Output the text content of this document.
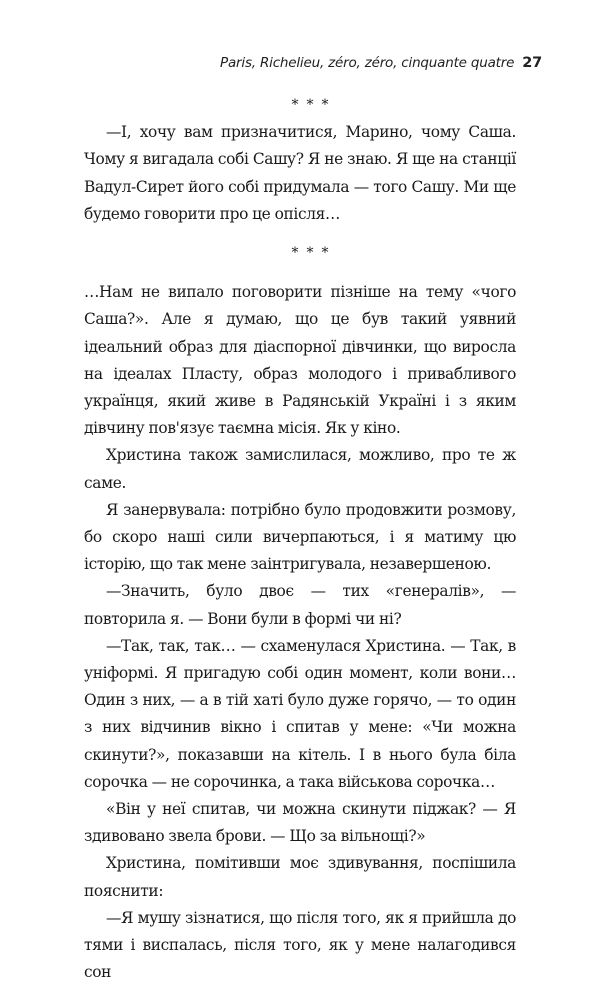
Paris, Richelieu, zéro, zéro, cinquante quatre 27

* * *

—І, хочу вам призначитися, Марино, чому Саша. Чому я вигадала собі Сашу? Я не знаю. Я ще на станції Вадул-Сирет його собі придумала — того Сашу. Ми ще будемо говорити про це опісля…

* * *

…Нам не випало поговорити пізніше на тему «чого Саша?». Але я думаю, що це був такий уявний ідеальний образ для діаспорної дівчинки, що виросла на ідеалах Пласту, образ молодого і привабливого українця, який живе в Радянській Україні і з яким дівчину пов'язує таємна місія. Як у кіно.

Христина також замислилася, можливо, про те ж саме.

Я занервувала: потрібно було продовжити розмову, бо скоро наші сили вичерпаються, і я матиму цю історію, що так мене заінтригувала, незавершеною.

—Значить, було двоє — тих «генералів», — повторила я. — Вони були в формі чи ні?

—Так, так, так… — схаменулася Христина. — Так, в уніформі. Я пригадую собі один момент, коли вони… Один з них, — а в тій хаті було дуже горячо, — то один з них відчинив вікно і спитав у мене: «Чи можна скинути?», показавши на кітель. І в нього була біла сорочка — не сорочинка, а така військова сорочка…

«Він у неї спитав, чи можна скинути піджак? — Я здивовано звела брови. — Що за вільнощі?»

Христина, помітивши моє здивування, поспішила пояснити:

—Я мушу зізнатися, що після того, як я прийшла до тями і виспалась, після того, як у мене налагодився сон
